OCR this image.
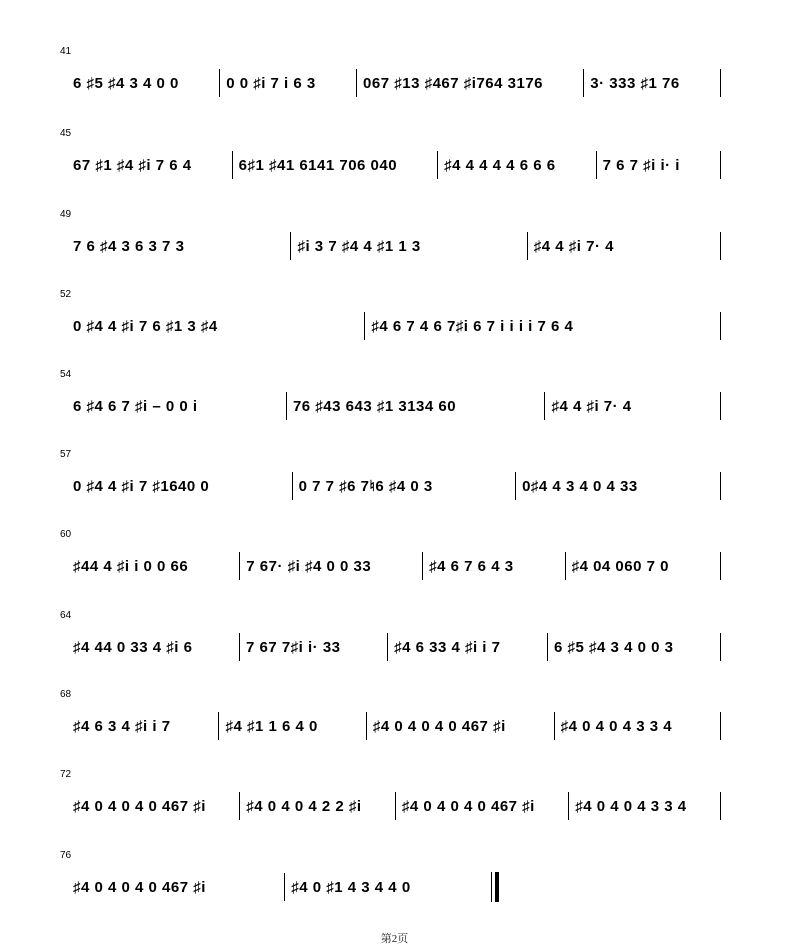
41
6 ♯5 ♯4 3 4 0 0	0 0 ♯i 7 i 6 3	067 ♯13 ♯467 ♯i764 3176	3· 333 ♯1 76
45
67 ♯1 ♯4 ♯i 7 6 4	6♯1 ♯41 6141 706 040	♯4 4 4 4 4 6 6 6	7 6 7 ♯i i· i
49
7 6 ♯4 3 6 3 7 3	♯i 3 7 ♯4 4 ♯1 1 3	♯4 4 ♯i 7· 4
52
0 ♯4 4 ♯i 7 6 ♯1 3 ♯4	♯4 6 7 4 6 7♯i 6 7 i i i i 7 6 4
54
6 ♯4 6 7 ♯i – 0 0 i	76 ♯43 643 ♯1 3134 60	♯4 4 ♯i 7· 4
57
0 ♯4 4 ♯i 7 ♯1640 0	0 7 7 ♯6 7♮6 ♯4 0 3	0♯4 4 3 4 0 4 33
60
♯44 4 ♯i i 0 0 66	7 67· ♯i ♯4 0 0 33	♯4 6 7 6 4 3	♯4 04 060 7 0
64
♯4 44 0 33 4 ♯i 6	7 67 7♯i i· 33	♯4 6 33 4 ♯i i 7	6 ♯5 ♯4 3 4 0 0 3
68
♯4 6 3 4 ♯i i 7	♯4 ♯1 1 6 4 0	♯4 0 4 0 4 0 467 ♯i	♯4 0 4 0 4 3 3 4
72
♯4 0 4 0 4 0 467 ♯i	♯4 0 4 0 4 2 2 ♯i	♯4 0 4 0 4 0 467 ♯i	♯4 0 4 0 4 3 3 4
76
♯4 0 4 0 4 0 467 ♯i	♯4 0 ♯1 4 3 4 4 0
第2页
